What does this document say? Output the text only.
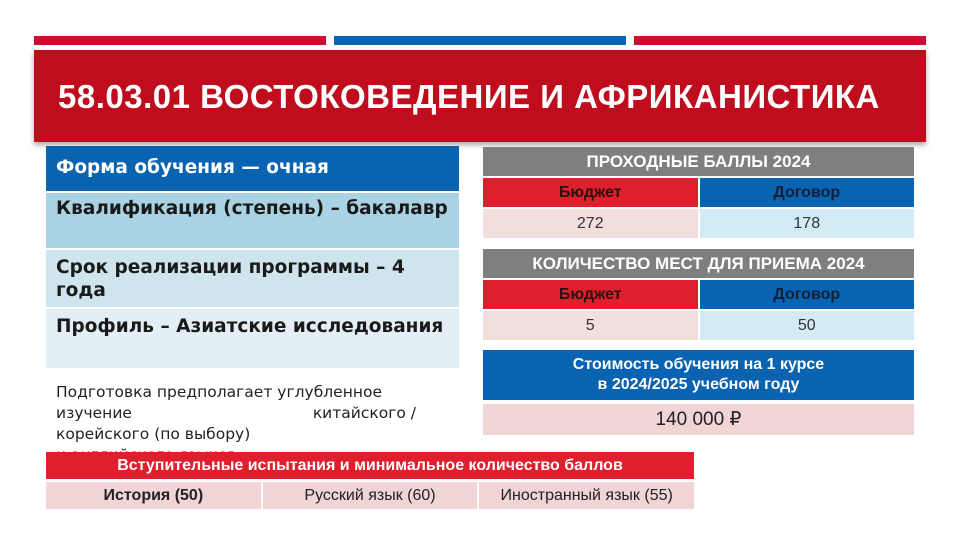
58.03.01 ВОСТОКОВЕДЕНИЕ И АФРИКАНИСТИКА
Форма обучения — очная
Квалификация (степень) – бакалавр
Срок реализации программы – 4 года
Профиль – Азиатские исследования
Подготовка предполагает углубленное
изучение	китайского /
корейского (по выбору)
ПРОХОДНЫЕ БАЛЛЫ 2024
Бюджет	Договор
272	178
КОЛИЧЕСТВО МЕСТ ДЛЯ ПРИЕМА 2024
Бюджет	Договор
5	50
Стоимость обучения на 1 курсе
в 2024/2025 учебном году
140 000 ₽
Вступительные испытания и минимальное количество баллов
История (50)	Русский язык (60)	Иностранный язык (55)
